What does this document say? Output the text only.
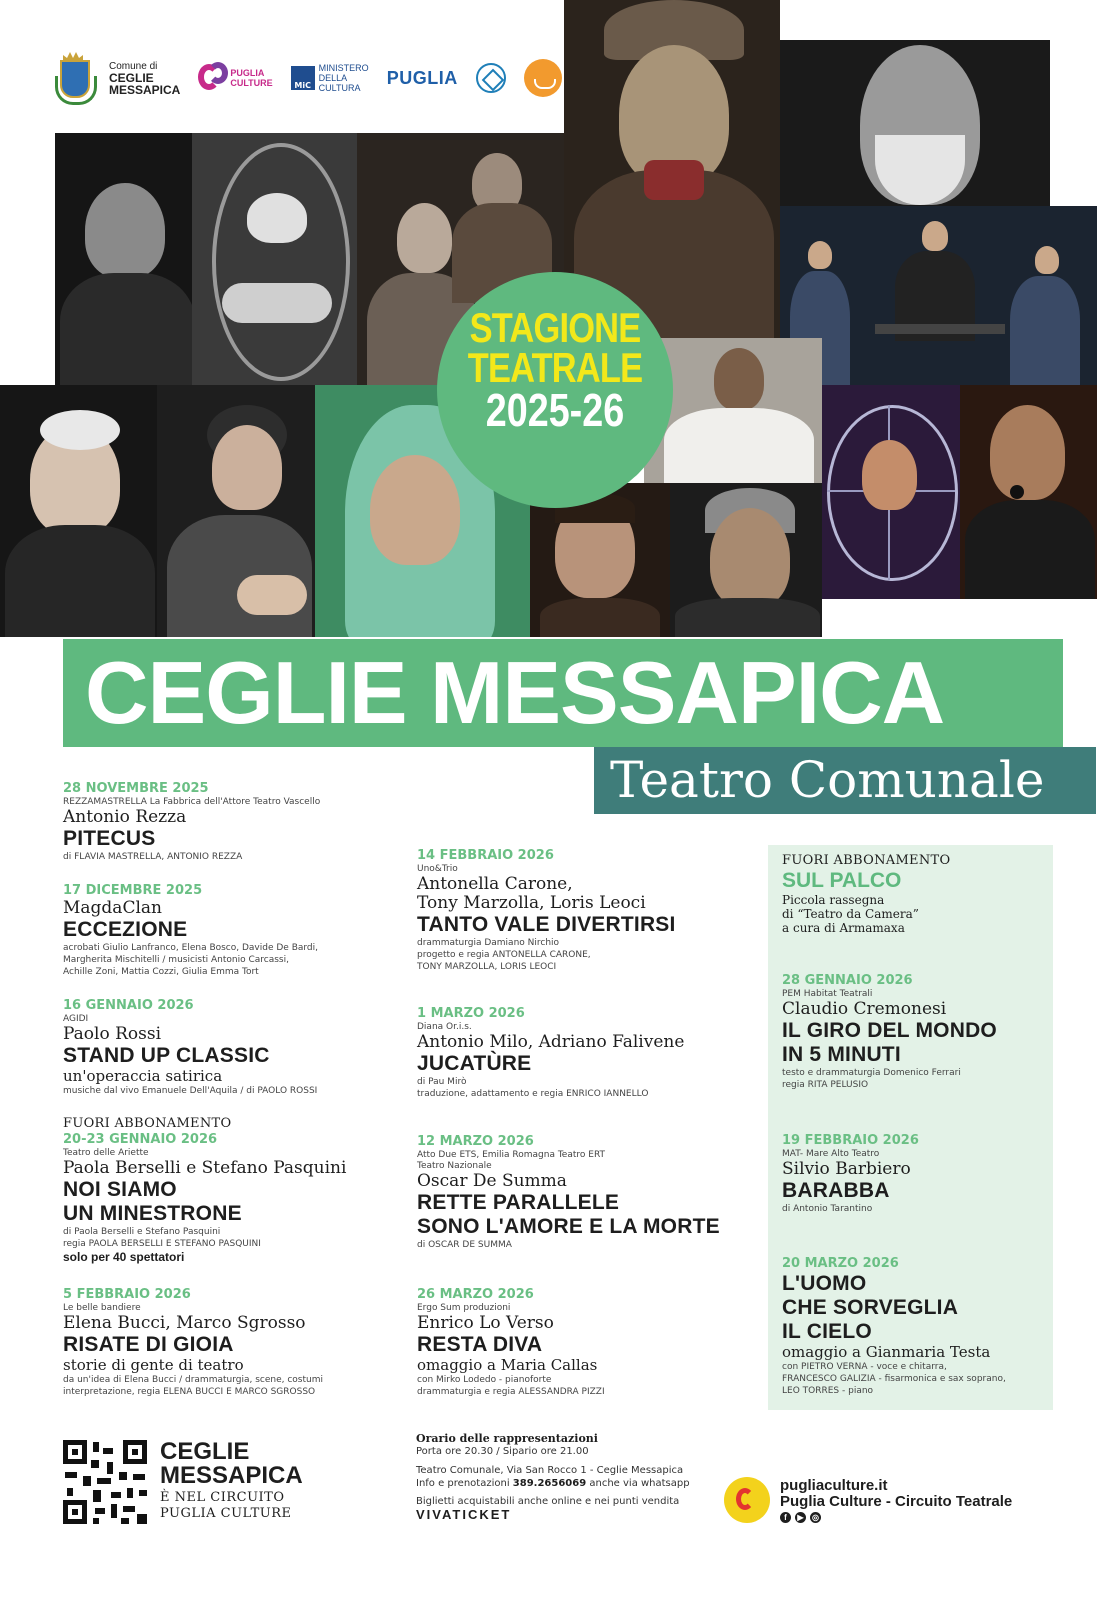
Comune di
CEGLIE
MESSAPICA
PUGLIA
CULTURE	MiC
MINISTERO
DELLA
CULTURA
PUGLIA
STAGIONE
TEATRALE
2025-26
CEGLIE MESSAPICA
Teatro Comunale
28 NOVEMBRE 2025
REZZAMASTRELLA La Fabbrica dell'Attore Teatro Vascello
Antonio Rezza
PITECUS
di FLAVIA MASTRELLA, ANTONIO REZZA
17 DICEMBRE 2025
MagdaClan
ECCEZIONE
acrobati Giulio Lanfranco, Elena Bosco, Davide De Bardi,
Margherita Mischitelli / musicisti Antonio Carcassi,
Achille Zoni, Mattia Cozzi, Giulia Emma Tort
16 GENNAIO 2026
AGIDI
Paolo Rossi
STAND UP CLASSIC
un'operaccia satirica
musiche dal vivo Emanuele Dell'Aquila / di PAOLO ROSSI
FUORI ABBONAMENTO
20-23 GENNAIO 2026
Teatro delle Ariette
Paola Berselli e Stefano Pasquini
NOI SIAMO
UN MINESTRONE
di Paola Berselli e Stefano Pasquini
regia PAOLA BERSELLI E STEFANO PASQUINI
solo per 40 spettatori
5 FEBBRAIO 2026
Le belle bandiere
Elena Bucci, Marco Sgrosso
RISATE DI GIOIA
storie di gente di teatro
da un'idea di Elena Bucci / drammaturgia, scene, costumi
interpretazione, regia ELENA BUCCI E MARCO SGROSSO
14 FEBBRAIO 2026
Uno&Trio
Antonella Carone,
Tony Marzolla, Loris Leoci
TANTO VALE DIVERTIRSI
drammaturgia Damiano Nirchio
progetto e regia ANTONELLA CARONE,
TONY MARZOLLA, LORIS LEOCI
1 MARZO 2026
Diana Or.i.s.
Antonio Milo, Adriano Falivene
JUCATÙRE
di Pau Mirò
traduzione, adattamento e regia ENRICO IANNELLO
12 MARZO 2026
Atto Due ETS, Emilia Romagna Teatro ERT
Teatro Nazionale
Oscar De Summa
RETTE PARALLELE
SONO L'AMORE E LA MORTE
di OSCAR DE SUMMA
26 MARZO 2026
Ergo Sum produzioni
Enrico Lo Verso
RESTA DIVA
omaggio a Maria Callas
con Mirko Lodedo - pianoforte
drammaturgia e regia ALESSANDRA PIZZI
FUORI ABBONAMENTO
SUL PALCO
Piccola rassegna
di “Teatro da Camera”
a cura di Armamaxa
28 GENNAIO 2026
PEM Habitat Teatrali
Claudio Cremonesi
IL GIRO DEL MONDO
IN 5 MINUTI
testo e drammaturgia Domenico Ferrari
regia RITA PELUSIO
19 FEBBRAIO 2026
MAT- Mare Alto Teatro
Silvio Barbiero
BARABBA
di Antonio Tarantino
20 MARZO 2026
L'UOMO
CHE SORVEGLIA
IL CIELO
omaggio a Gianmaria Testa
con PIETRO VERNA - voce e chitarra,
FRANCESCO GALIZIA - fisarmonica e sax soprano,
LEO TORRES - piano
CEGLIE
MESSAPICA
È NEL CIRCUITO
PUGLIA CULTURE
Orario delle rappresentazioni
Porta ore 20.30 / Sipario ore 21.00
Teatro Comunale, Via San Rocco 1 - Ceglie Messapica
Info e prenotazioni 389.2656069 anche via whatsapp
Biglietti acquistabili anche online e nei punti vendita
VIVATICKET
pugliaculture.it
Puglia Culture - Circuito Teatrale
f	▶	◎
